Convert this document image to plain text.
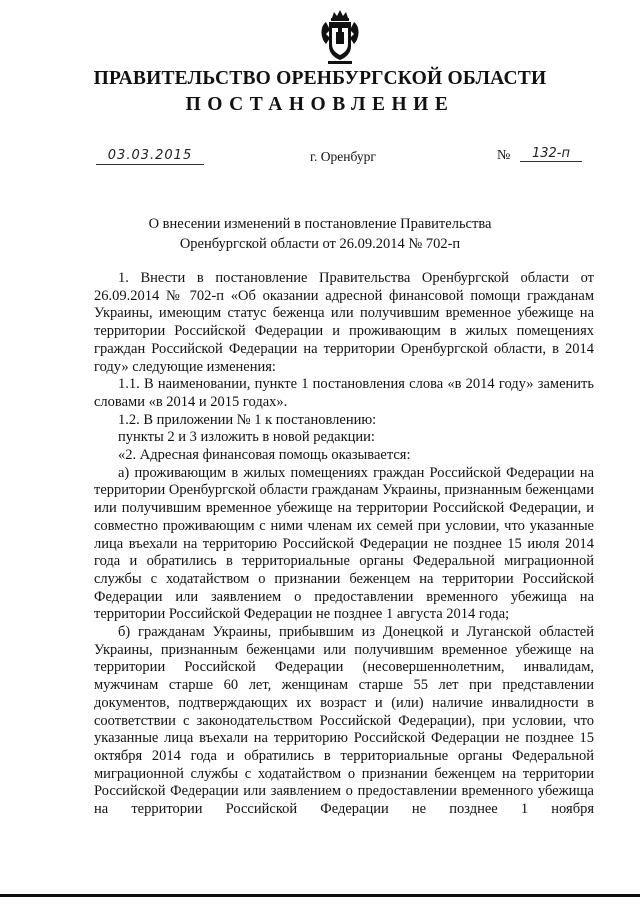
ПРАВИТЕЛЬСТВО ОРЕНБУРГСКОЙ ОБЛАСТИ
ПОСТАНОВЛЕНИЕ
03.03.2015	г. Оренбург	№	132-п
О внесении изменений в постановление Правительства
Оренбургской области от 26.09.2014 № 702-п

1. Внести в постановление Правительства Оренбургской области от 26.09.2014 № 702-п «Об оказании адресной финансовой помощи гражданам Украины, имеющим статус беженца или получившим временное убежище на территории Российской Федерации и проживающим в жилых помещениях граждан Российской Федерации на территории Оренбургской области, в 2014 году» следующие изменения:

1.1. В наименовании, пункте 1 постановления слова «в 2014 году» заменить словами «в 2014 и 2015 годах».

1.2. В приложении № 1 к постановлению:

пункты 2 и 3 изложить в новой редакции:

«2. Адресная финансовая помощь оказывается:

а) проживающим в жилых помещениях граждан Российской Федерации на территории Оренбургской области гражданам Украины, признанным беженцами или получившим временное убежище на территории Российской Федерации, и совместно проживающим с ними членам их семей при условии, что указанные лица въехали на территорию Российской Федерации не позднее 15 июля 2014 года и обратились в территориальные органы Федеральной миграционной службы с ходатайством о признании беженцем на территории Российской Федерации или заявлением о предоставлении временного убежища на территории Российской Федерации не позднее 1 августа 2014 года;

б) гражданам Украины, прибывшим из Донецкой и Луганской областей Украины, признанным беженцами или получившим временное убежище на территории Российской Федерации (несовершеннолетним, инвалидам, мужчинам старше 60 лет, женщинам старше 55 лет при представлении документов, подтверждающих их возраст и (или) наличие инвалидности в соответствии с законодательством Российской Федерации), при условии, что указанные лица въехали на территорию Российской Федерации не позднее 15 октября 2014 года и обратились в территориальные органы Федеральной миграционной службы с ходатайством о признании беженцем на территории Российской Федерации или заявлением о предоставлении временного убежища на территории Российской Федерации не позднее 1 ноября
